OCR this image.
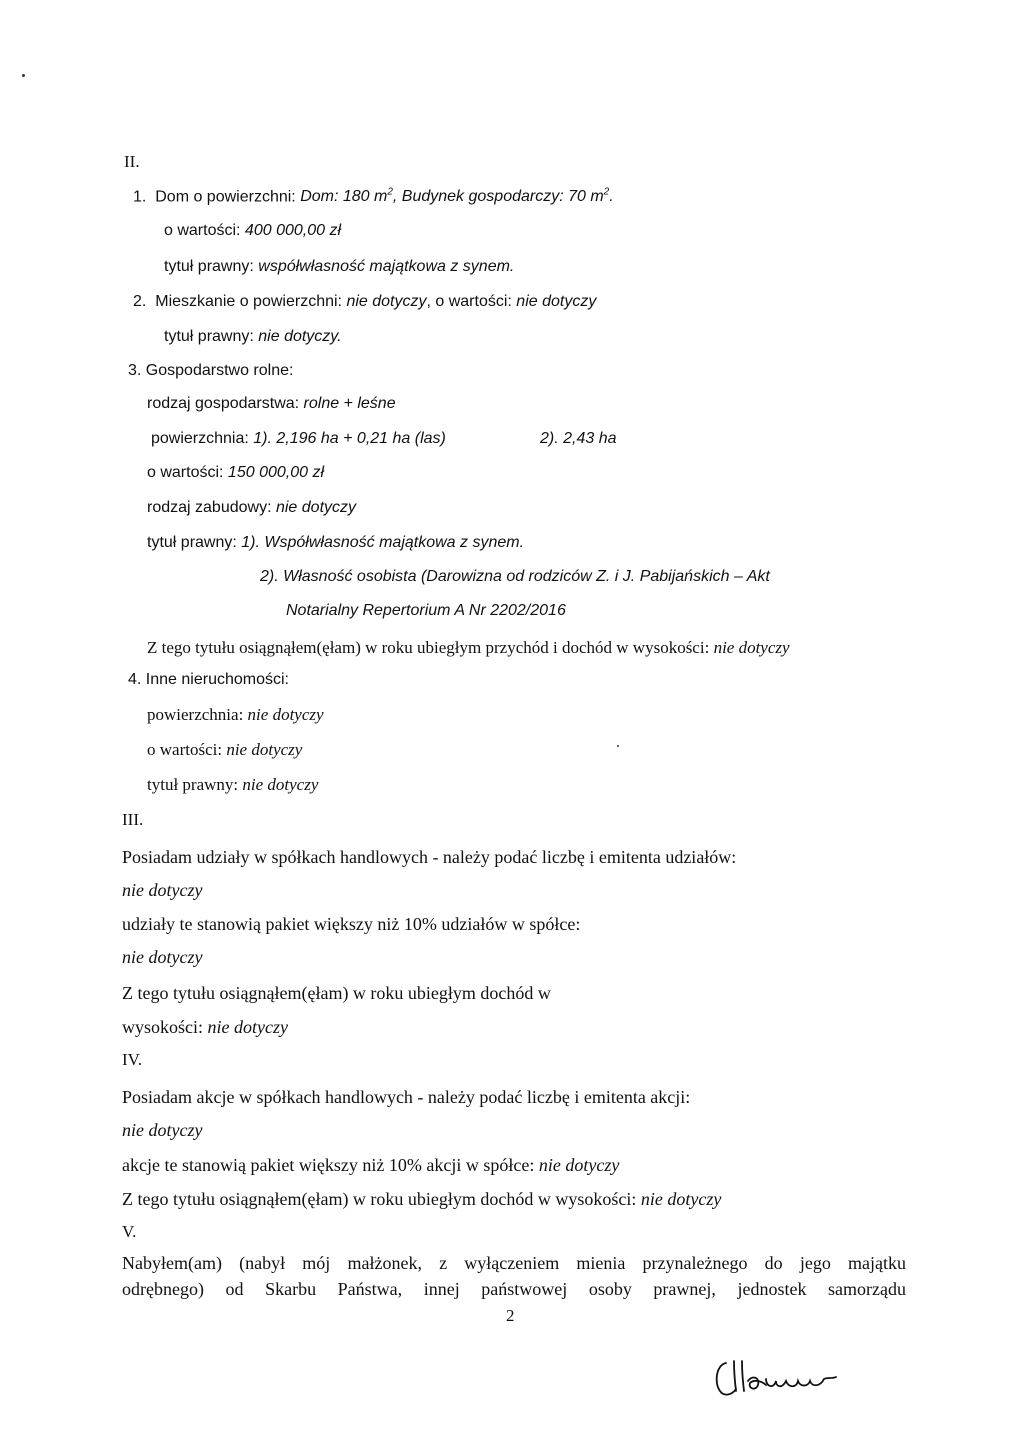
II.
1. Dom o powierzchni: Dom: 180 $m^2$, Budynek gospodarczy: 70 $m^2$.
o wartości: 400 000,00 zł
tytuł prawny: współwłasność majątkowa z synem.
2. Mieszkanie o powierzchni: nie dotyczy, o wartości: nie dotyczy
tytuł prawny: nie dotyczy.
3. Gospodarstwo rolne:
rodzaj gospodarstwa: rolne + leśne
powierzchnia: 1). 2,196 ha + 0,21 ha (las)	2). 2,43 ha
o wartości: 150 000,00 zł
rodzaj zabudowy: nie dotyczy
tytuł prawny: 1). Współwłasność majątkowa z synem.
2). Własność osobista (Darowizna od rodziców Z. i J. Pabijańskich – Akt
Notarialny Repertorium A Nr 2202/2016
Z tego tytułu osiągnąłem(ęłam) w roku ubiegłym przychód i dochód w wysokości: nie dotyczy
4. Inne nieruchomości:
powierzchnia: nie dotyczy
o wartości: nie dotyczy
tytuł prawny: nie dotyczy
III.
Posiadam udziały w spółkach handlowych - należy podać liczbę i emitenta udziałów:
nie dotyczy
udziały te stanowią pakiet większy niż 10% udziałów w spółce:
nie dotyczy
Z tego tytułu osiągnąłem(ęłam) w roku ubiegłym dochód w
wysokości: nie dotyczy
IV.
Posiadam akcje w spółkach handlowych - należy podać liczbę i emitenta akcji:
nie dotyczy
akcje te stanowią pakiet większy niż 10% akcji w spółce: nie dotyczy
Z tego tytułu osiągnąłem(ęłam) w roku ubiegłym dochód w wysokości: nie dotyczy
V.
Nabyłem(am) (nabył mój małżonek, z wyłączeniem mienia przynależnego do jego majątku
odrębnego) od Skarbu Państwa, innej państwowej osoby prawnej, jednostek samorządu
2
